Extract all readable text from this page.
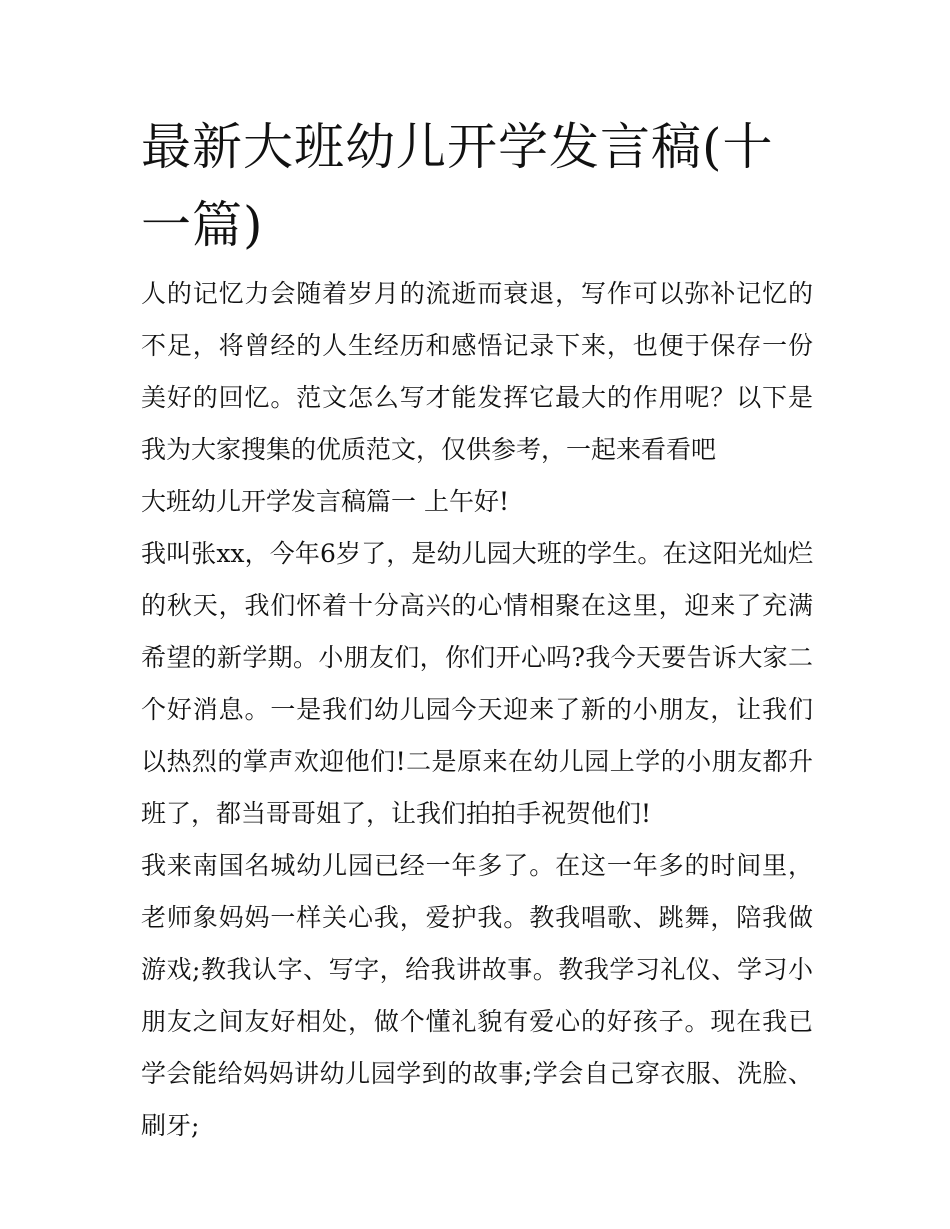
最新大班幼儿开学发言稿(十一篇)

人的记忆力会随着岁月的流逝而衰退，写作可以弥补记忆的不足，将曾经的人生经历和感悟记录下来，也便于保存一份美好的回忆。范文怎么写才能发挥它最大的作用呢？以下是我为大家搜集的优质范文，仅供参考，一起来看看吧

大班幼儿开学发言稿篇一 上午好!

我叫张xx，今年6岁了，是幼儿园大班的学生。在这阳光灿烂的秋天，我们怀着十分高兴的心情相聚在这里，迎来了充满希望的新学期。小朋友们，你们开心吗?我今天要告诉大家二个好消息。一是我们幼儿园今天迎来了新的小朋友，让我们以热烈的掌声欢迎他们!二是原来在幼儿园上学的小朋友都升班了，都当哥哥姐了，让我们拍拍手祝贺他们!

我来南国名城幼儿园已经一年多了。在这一年多的时间里，老师象妈妈一样关心我，爱护我。教我唱歌、跳舞，陪我做游戏;教我认字、写字，给我讲故事。教我学习礼仪、学习小朋友之间友好相处，做个懂礼貌有爱心的好孩子。现在我已学会能给妈妈讲幼儿园学到的故事;学会自己穿衣服、洗脸、刷牙;
